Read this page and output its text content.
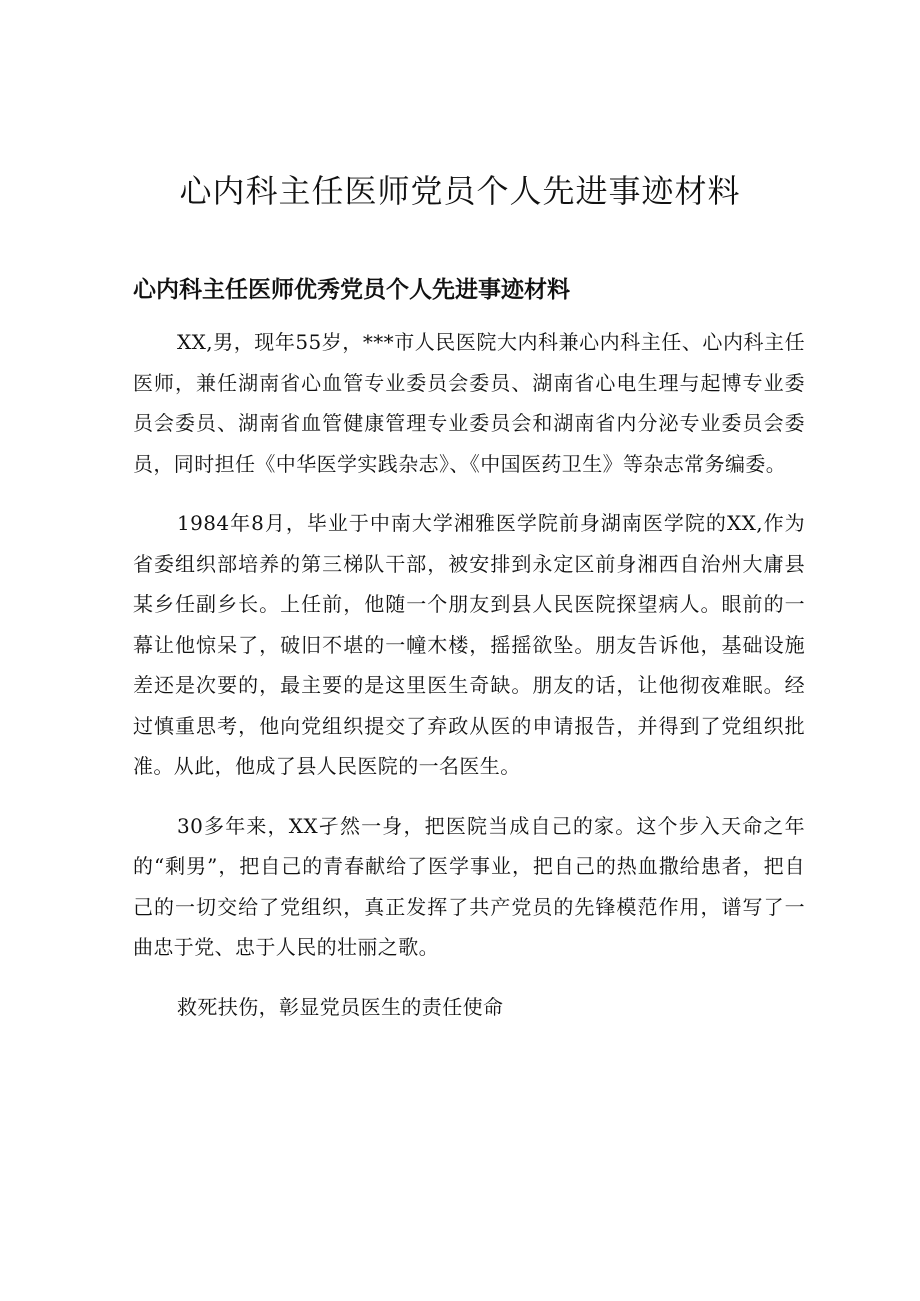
心内科主任医师党员个人先进事迹材料
心内科主任医师优秀党员个人先进事迹材料

XX,男，现年55岁，***市人民医院大内科兼心内科主任、心内科主任医师，兼任湖南省心血管专业委员会委员、湖南省心电生理与起博专业委员会委员、湖南省血管健康管理专业委员会和湖南省内分泌专业委员会委员，同时担任《中华医学实践杂志》、《中国医药卫生》等杂志常务编委。

1984年8月，毕业于中南大学湘雅医学院前身湖南医学院的XX,作为省委组织部培养的第三梯队干部，被安排到永定区前身湘西自治州大庸县某乡任副乡长。上任前，他随一个朋友到县人民医院探望病人。眼前的一幕让他惊呆了，破旧不堪的一幢木楼，摇摇欲坠。朋友告诉他，基础设施差还是次要的，最主要的是这里医生奇缺。朋友的话，让他彻夜难眠。经过慎重思考，他向党组织提交了弃政从医的申请报告，并得到了党组织批准。从此，他成了县人民医院的一名医生。

30多年来，XX孑然一身，把医院当成自己的家。这个步入天命之年的“剩男”，把自己的青春献给了医学事业，把自己的热血撒给患者，把自己的一切交给了党组织，真正发挥了共产党员的先锋模范作用，谱写了一曲忠于党、忠于人民的壮丽之歌。

救死扶伤，彰显党员医生的责任使命
